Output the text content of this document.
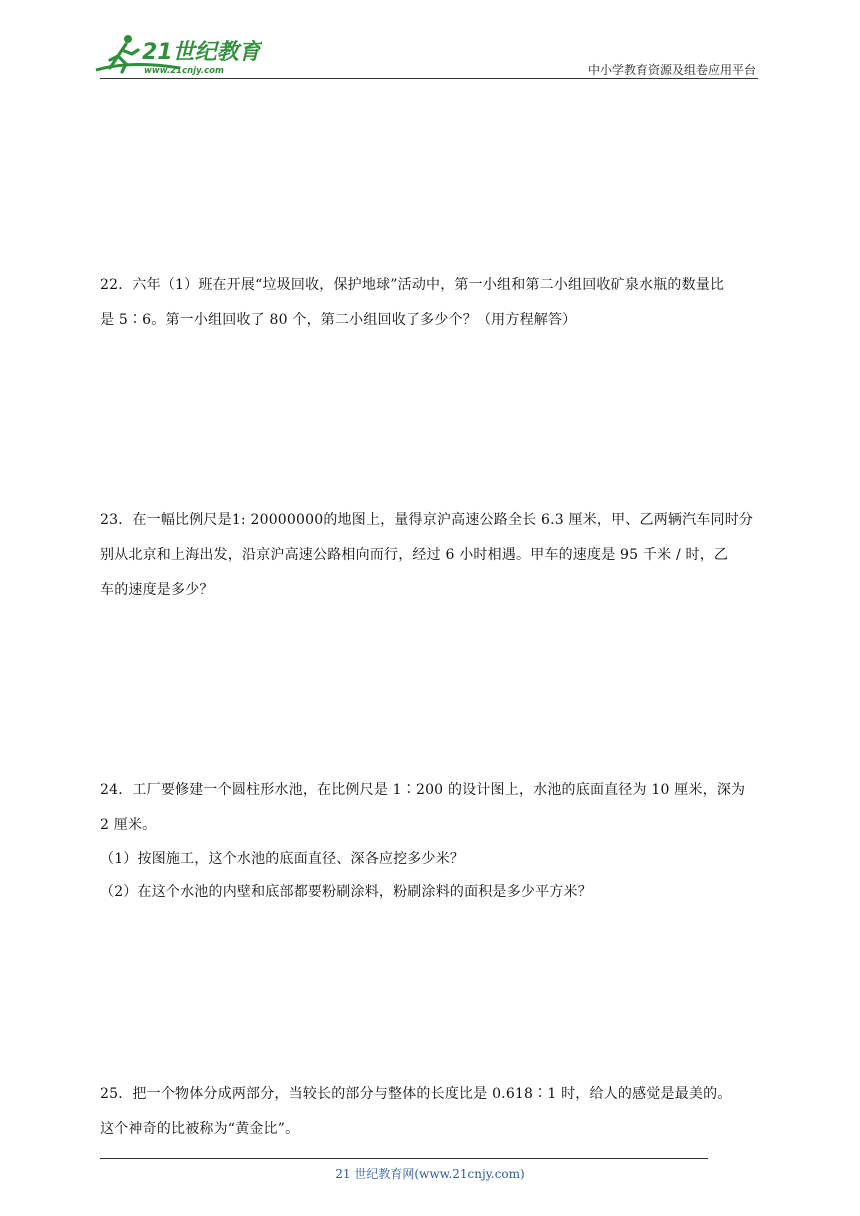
21世纪教育
www.21cnjy.com	中小学教育资源及组卷应用平台

22．六年（1）班在开展“垃圾回收，保护地球”活动中，第一小组和第二小组回收矿泉水瓶的数量比

是 5∶6。第一小组回收了 80 个，第二小组回收了多少个？（用方程解答）

23．在一幅比例尺是1: 20000000的地图上，量得京沪高速公路全长 6.3 厘米，甲、乙两辆汽车同时分

别从北京和上海出发，沿京沪高速公路相向而行，经过 6 小时相遇。甲车的速度是 95 千米 / 时，乙

车的速度是多少？

24．工厂要修建一个圆柱形水池，在比例尺是 1∶200 的设计图上，水池的底面直径为 10 厘米，深为

2 厘米。

（1）按图施工，这个水池的底面直径、深各应挖多少米？

（2）在这个水池的内壁和底部都要粉刷涂料，粉刷涂料的面积是多少平方米？

25．把一个物体分成两部分，当较长的部分与整体的长度比是 0.618∶1 时，给人的感觉是最美的。

这个神奇的比被称为“黄金比”。

21 世纪教育网(www.21cnjy.com)
